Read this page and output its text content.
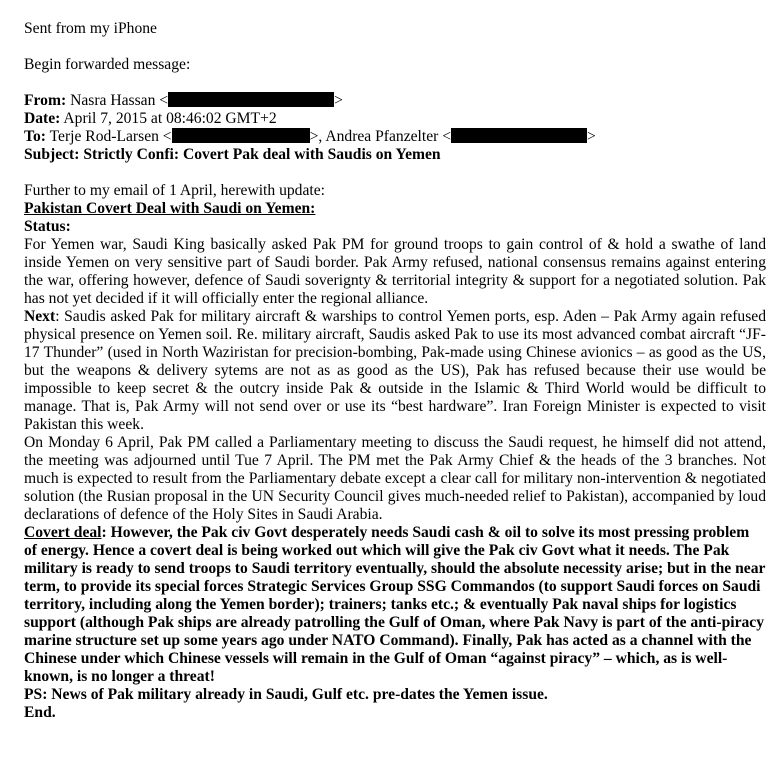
Sent from my iPhone
Begin forwarded message:
From: Nasra Hassan <	>
Date: April 7, 2015 at 08:46:02 GMT+2
To: Terje Rod-Larsen <	>, Andrea Pfanzelter <	>
Subject: Strictly Confi: Covert Pak deal with Saudis on Yemen
Further to my email of 1 April, herewith update:
Pakistan Covert Deal with Saudi on Yemen:
Status:
For Yemen war, Saudi King basically asked Pak PM for ground troops to gain control of & hold a swathe of land inside Yemen on very sensitive part of Saudi border. Pak Army refused, national consensus remains against entering the war, offering however, defence of Saudi soverignty & territorial integrity & support for a negotiated solution. Pak has not yet decided if it will officially enter the regional alliance.
Next: Saudis asked Pak for military aircraft & warships to control Yemen ports, esp. Aden – Pak Army again refused physical presence on Yemen soil. Re. military aircraft, Saudis asked Pak to use its most advanced combat aircraft “JF-17 Thunder” (used in North Waziristan for precision-bombing, Pak-made using Chinese avionics – as good as the US, but the weapons & delivery sytems are not as as good as the US), Pak has refused because their use would be impossible to keep secret & the outcry inside Pak & outside in the Islamic & Third World would be difficult to manage. That is, Pak Army will not send over or use its “best hardware”. Iran Foreign Minister is expected to visit Pakistan this week.
On Monday 6 April, Pak PM called a Parliamentary meeting to discuss the Saudi request, he himself did not attend, the meeting was adjourned until Tue 7 April. The PM met the Pak Army Chief & the heads of the 3 branches. Not much is expected to result from the Parliamentary debate except a clear call for military non-intervention & negotiated solution (the Rusian proposal in the UN Security Council gives much-needed relief to Pakistan), accompanied by loud declarations of defence of the Holy Sites in Saudi Arabia.
Covert deal: However, the Pak civ Govt desperately needs Saudi cash & oil to solve its most pressing problem of energy. Hence a covert deal is being worked out which will give the Pak civ Govt what it needs. The Pak military is ready to send troops to Saudi territory eventually, should the absolute necessity arise; but in the near term, to provide its special forces Strategic Services Group SSG Commandos (to support Saudi forces on Saudi territory, including along the Yemen border); trainers; tanks etc.; & eventually Pak naval ships for logistics support (although Pak ships are already patrolling the Gulf of Oman, where Pak Navy is part of the anti-piracy marine structure set up some years ago under NATO Command). Finally, Pak has acted as a channel with the Chinese under which Chinese vessels will remain in the Gulf of Oman “against piracy” – which, as is well-known, is no longer a threat!
PS: News of Pak military already in Saudi, Gulf etc. pre-dates the Yemen issue.
End.
